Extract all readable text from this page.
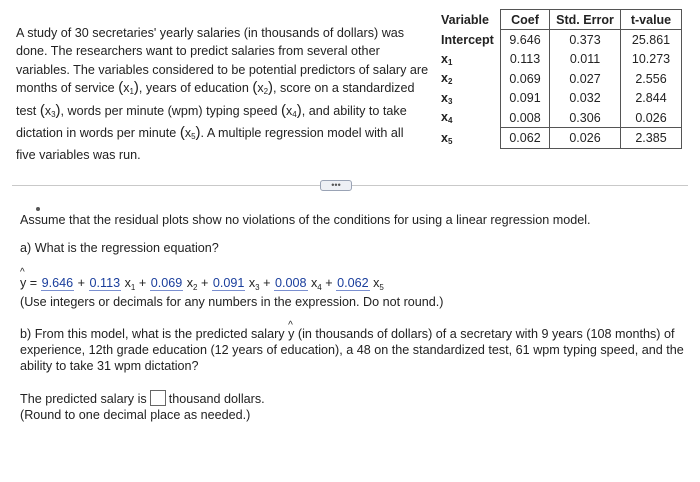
A study of 30 secretaries' yearly salaries (in thousands of dollars) was
done. The researchers want to predict salaries from several other
variables. The variables considered to be potential predictors of salary are
months of service $(x_1)$, years of education $(x_2)$, score on a standardized
test $(x_3)$, words per minute (wpm) typing speed $(x_4)$, and ability to take
dictation in words per minute $(x_5)$. A multiple regression model with all
five variables was run.
Variable	Coef	Std. Error	t-value
Intercept	9.646	0.373	25.861
x1	0.113	0.011	10.273
x2	0.069	0.027	2.556
x3	0.091	0.032	2.844
x4	0.008	0.306	0.026
x5	0.062	0.026	2.385
•••
Assume that the residual plots show no violations of the conditions for using a linear regression model.
a) What is the regression equation?
^ y = 9.646 + 0.113 $x_1 + 0.069$ $x_2 + 0.091$ $x_3 + 0.008$ $x_4 + 0.062$ $x_5$
(Use integers or decimals for any numbers in the expression. Do not round.)
b) From this model, what is the predicted salary ^ y (in thousands of dollars) of a secretary with 9 years (108 months) of experience, 12th grade education (12 years of education), a 48 on the standardized test, 61 wpm typing speed, and the ability to take 31 wpm dictation?
The predicted salary is thousand dollars.
(Round to one decimal place as needed.)
